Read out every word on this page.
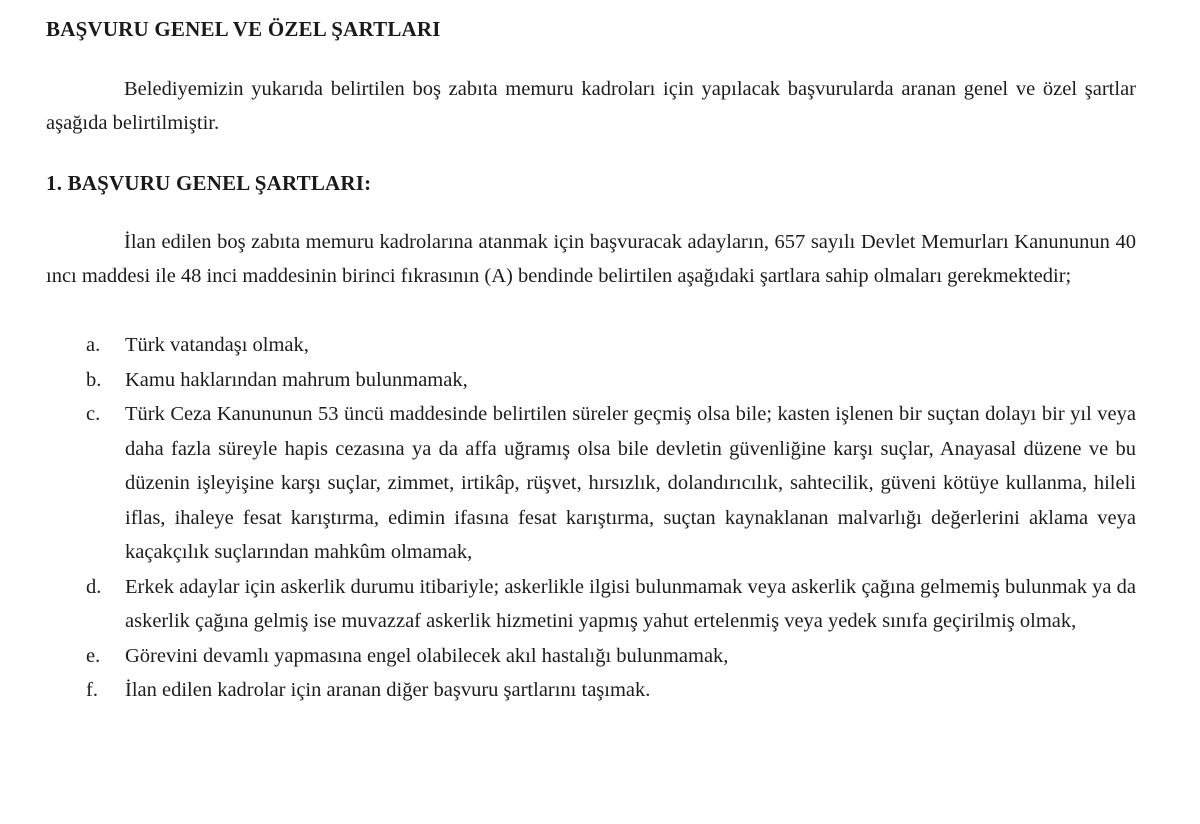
BAŞVURU GENEL VE ÖZEL ŞARTLARI
Belediyemizin yukarıda belirtilen boş zabıta memuru kadroları için yapılacak başvurularda aranan genel ve özel şartlar aşağıda belirtilmiştir.
1. BAŞVURU GENEL ŞARTLARI:
İlan edilen boş zabıta memuru kadrolarına atanmak için başvuracak adayların, 657 sayılı Devlet Memurları Kanununun 40 ıncı maddesi ile 48 inci maddesinin birinci fıkrasının (A) bendinde belirtilen aşağıdaki şartlara sahip olmaları gerekmektedir;
a.	Türk vatandaşı olmak,
b.	Kamu haklarından mahrum bulunmamak,
c.	Türk Ceza Kanununun 53 üncü maddesinde belirtilen süreler geçmiş olsa bile; kasten işlenen bir suçtan dolayı bir yıl veya daha fazla süreyle hapis cezasına ya da affa uğramış olsa bile devletin güvenliğine karşı suçlar, Anayasal düzene ve bu düzenin işleyişine karşı suçlar, zimmet, irtikâp, rüşvet, hırsızlık, dolandırıcılık, sahtecilik, güveni kötüye kullanma, hileli iflas, ihaleye fesat karıştırma, edimin ifasına fesat karıştırma, suçtan kaynaklanan malvarlığı değerlerini aklama veya kaçakçılık suçlarından mahkûm olmamak,
d.	Erkek adaylar için askerlik durumu itibariyle; askerlikle ilgisi bulunmamak veya askerlik çağına gelmemiş bulunmak ya da askerlik çağına gelmiş ise muvazzaf askerlik hizmetini yapmış yahut ertelenmiş veya yedek sınıfa geçirilmiş olmak,
e.	Görevini devamlı yapmasına engel olabilecek akıl hastalığı bulunmamak,
f.	İlan edilen kadrolar için aranan diğer başvuru şartlarını taşımak.
